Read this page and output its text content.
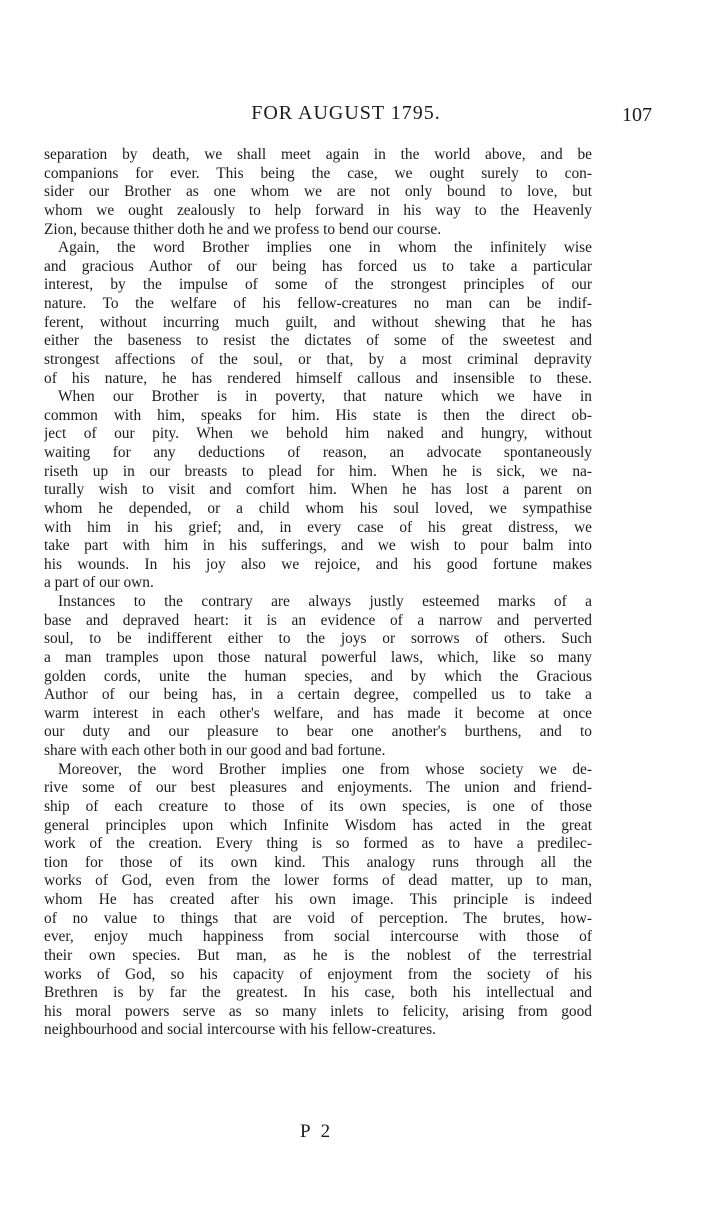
FOR AUGUST 1795.	107
separation by death, we shall meet again in the world above, and be
companions for ever. This being the case, we ought surely to con-
sider our Brother as one whom we are not only bound to love, but
whom we ought zealously to help forward in his way to the Heavenly
Zion, because thither doth he and we profess to bend our course.
Again, the word Brother implies one in whom the infinitely wise
and gracious Author of our being has forced us to take a particular
interest, by the impulse of some of the strongest principles of our
nature. To the welfare of his fellow-creatures no man can be indif-
ferent, without incurring much guilt, and without shewing that he has
either the baseness to resist the dictates of some of the sweetest and
strongest affections of the soul, or that, by a most criminal depravity
of his nature, he has rendered himself callous and insensible to these.
When our Brother is in poverty, that nature which we have in
common with him, speaks for him. His state is then the direct ob-
ject of our pity. When we behold him naked and hungry, without
waiting for any deductions of reason, an advocate spontaneously
riseth up in our breasts to plead for him. When he is sick, we na-
turally wish to visit and comfort him. When he has lost a parent on
whom he depended, or a child whom his soul loved, we sympathise
with him in his grief; and, in every case of his great distress, we
take part with him in his sufferings, and we wish to pour balm into
his wounds. In his joy also we rejoice, and his good fortune makes
a part of our own.
Instances to the contrary are always justly esteemed marks of a
base and depraved heart: it is an evidence of a narrow and perverted
soul, to be indifferent either to the joys or sorrows of others. Such
a man tramples upon those natural powerful laws, which, like so many
golden cords, unite the human species, and by which the Gracious
Author of our being has, in a certain degree, compelled us to take a
warm interest in each other's welfare, and has made it become at once
our duty and our pleasure to bear one another's burthens, and to
share with each other both in our good and bad fortune.
Moreover, the word Brother implies one from whose society we de-
rive some of our best pleasures and enjoyments. The union and friend-
ship of each creature to those of its own species, is one of those
general principles upon which Infinite Wisdom has acted in the great
work of the creation. Every thing is so formed as to have a predilec-
tion for those of its own kind. This analogy runs through all the
works of God, even from the lower forms of dead matter, up to man,
whom He has created after his own image. This principle is indeed
of no value to things that are void of perception. The brutes, how-
ever, enjoy much happiness from social intercourse with those of
their own species. But man, as he is the noblest of the terrestrial
works of God, so his capacity of enjoyment from the society of his
Brethren is by far the greatest. In his case, both his intellectual and
his moral powers serve as so many inlets to felicity, arising from good
neighbourhood and social intercourse with his fellow-creatures.
P 2
